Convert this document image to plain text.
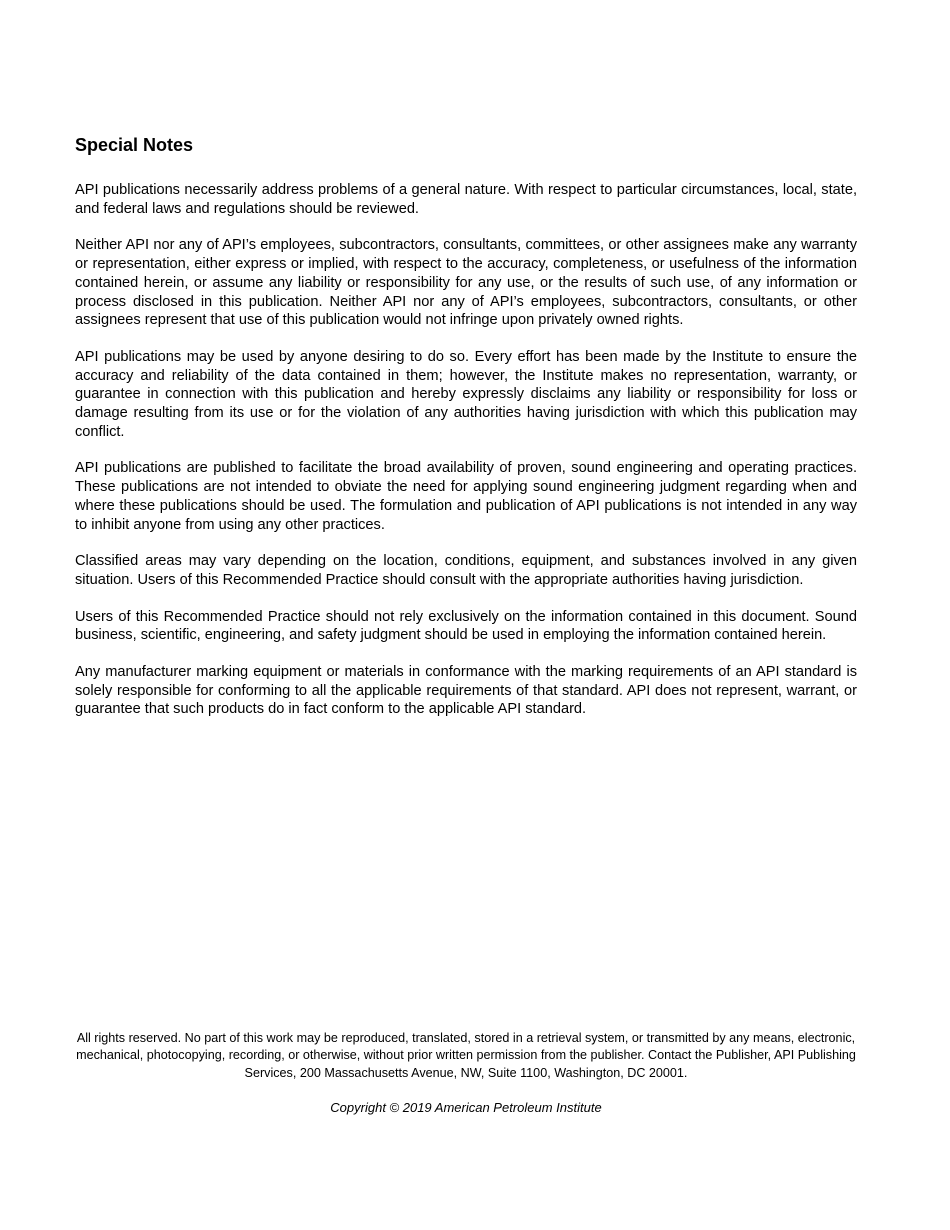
Special Notes

API publications necessarily address problems of a general nature. With respect to particular circumstances, local, state, and federal laws and regulations should be reviewed.

Neither API nor any of API’s employees, subcontractors, consultants, committees, or other assignees make any warranty or representation, either express or implied, with respect to the accuracy, completeness, or usefulness of the information contained herein, or assume any liability or responsibility for any use, or the results of such use, of any information or process disclosed in this publication. Neither API nor any of API’s employees, subcontractors, consultants, or other assignees represent that use of this publication would not infringe upon privately owned rights.

API publications may be used by anyone desiring to do so. Every effort has been made by the Institute to ensure the accuracy and reliability of the data contained in them; however, the Institute makes no representation, warranty, or guarantee in connection with this publication and hereby expressly disclaims any liability or responsibility for loss or damage resulting from its use or for the violation of any authorities having jurisdiction with which this publication may conflict.

API publications are published to facilitate the broad availability of proven, sound engineering and operating practices. These publications are not intended to obviate the need for applying sound engineering judgment regarding when and where these publications should be used. The formulation and publication of API publications is not intended in any way to inhibit anyone from using any other practices.

Classified areas may vary depending on the location, conditions, equipment, and substances involved in any given situation. Users of this Recommended Practice should consult with the appropriate authorities having jurisdiction.

Users of this Recommended Practice should not rely exclusively on the information contained in this document. Sound business, scientific, engineering, and safety judgment should be used in employing the information contained herein.

Any manufacturer marking equipment or materials in conformance with the marking requirements of an API standard is solely responsible for conforming to all the applicable requirements of that standard. API does not represent, warrant, or guarantee that such products do in fact conform to the applicable API standard.

All rights reserved. No part of this work may be reproduced, translated, stored in a retrieval system, or transmitted by any means, electronic, mechanical, photocopying, recording, or otherwise, without prior written permission from the publisher. Contact the Publisher, API Publishing Services, 200 Massachusetts Avenue, NW, Suite 1100, Washington, DC 20001.

Copyright © 2019 American Petroleum Institute
